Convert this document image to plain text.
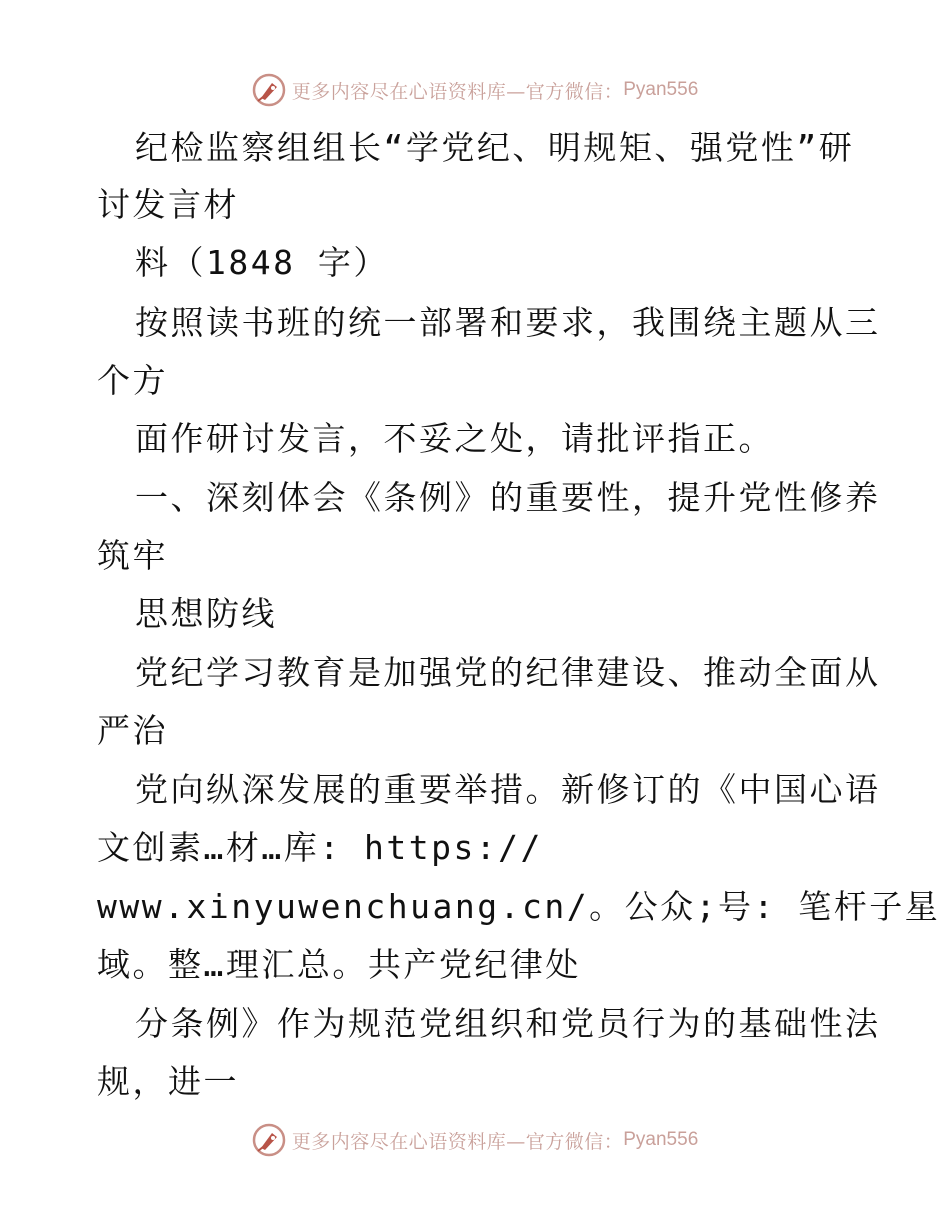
更多内容尽在心语资料库—官方微信： Pyan556
纪检监察组组长“学党纪、明规矩、强党性”研
讨发言材
料（1848 字）
按照读书班的统一部署和要求，我围绕主题从三
个方
面作研讨发言，不妥之处，请批评指正。
一、深刻体会《条例》的重要性，提升党性修养
筑牢
思想防线
党纪学习教育是加强党的纪律建设、推动全面从
严治
党向纵深发展的重要举措。新修订的《中国心语
文创素…材…库: https://
www.xinyuwenchuang.cn/。公众;号: 笔杆子星
域。整…理汇总。共产党纪律处
分条例》作为规范党组织和党员行为的基础性法
规，进一
更多内容尽在心语资料库—官方微信： Pyan556
